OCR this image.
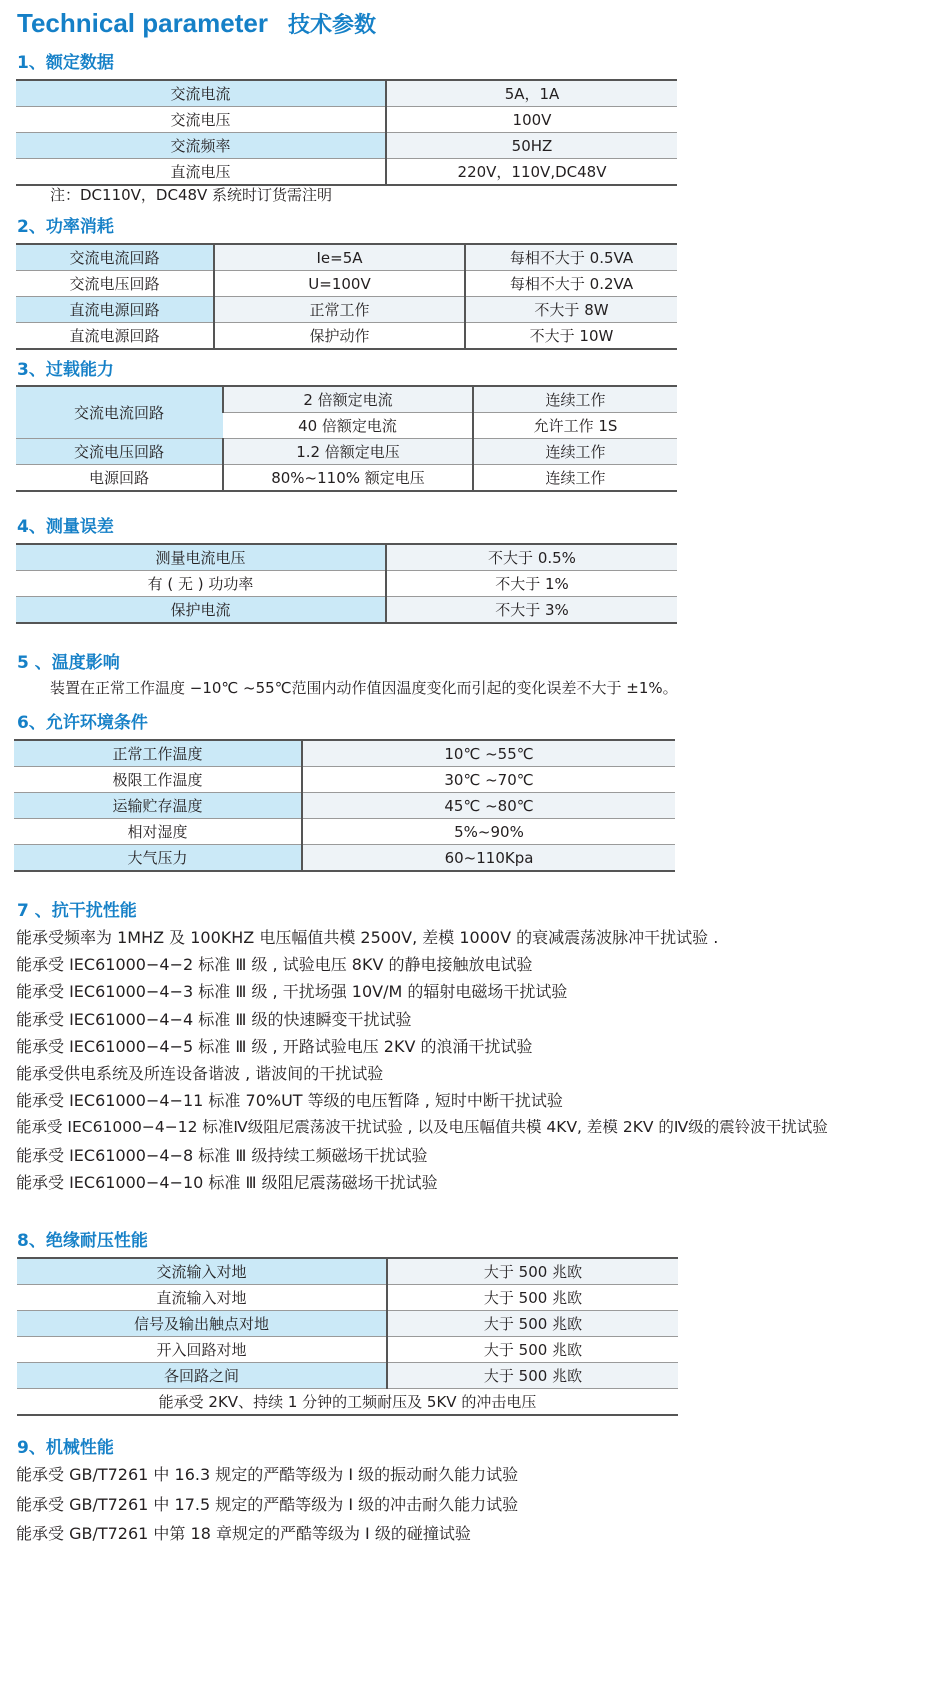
Technical parameter 技术参数
1、额定数据
交流电流	5A，1A
交流电压	100V
交流频率	50HZ
直流电压	220V，110V,DC48V
注：DC110V，DC48V 系统时订货需注明
2、功率消耗
交流电流回路	Ie=5A	每相不大于 0.5VA
交流电压回路	U=100V	每相不大于 0.2VA
直流电源回路	正常工作	不大于 8W
直流电源回路	保护动作	不大于 10W
3、过载能力
交流电流回路	2 倍额定电流	连续工作
	40 倍额定电流	允许工作 1S
交流电压回路	1.2 倍额定电压	连续工作
电源回路	80%~110% 额定电压	连续工作
4、测量误差
测量电流电压	不大于 0.5%
有 ( 无 ) 功功率	不大于 1%
保护电流	不大于 3%
5 、温度影响
装置在正常工作温度 −10℃ ~55℃范围内动作值因温度变化而引起的变化误差不大于 ±1%。
6、允许环境条件
正常工作温度	10℃ ~55℃
极限工作温度	30℃ ~70℃
运输贮存温度	45℃ ~80℃
相对湿度	5%~90%
大气压力	60~110Kpa
7 、抗干扰性能
能承受频率为 1MHZ 及 100KHZ 电压幅值共模 2500V, 差模 1000V 的衰减震荡波脉冲干扰试验 .
能承受 IEC61000−4−2 标准 Ⅲ 级 , 试验电压 8KV 的静电接触放电试验
能承受 IEC61000−4−3 标准 Ⅲ 级 , 干扰场强 10V/M 的辐射电磁场干扰试验
能承受 IEC61000−4−4 标准 Ⅲ 级的快速瞬变干扰试验
能承受 IEC61000−4−5 标准 Ⅲ 级 , 开路试验电压 2KV 的浪涌干扰试验
能承受供电系统及所连设备谐波 , 谐波间的干扰试验
能承受 IEC61000−4−11 标准 70%UT 等级的电压暂降 , 短时中断干扰试验
能承受 IEC61000−4−12 标准Ⅳ级阻尼震荡波干扰试验 , 以及电压幅值共模 4KV, 差模 2KV 的Ⅳ级的震铃波干扰试验
能承受 IEC61000−4−8 标准 Ⅲ 级持续工频磁场干扰试验
能承受 IEC61000−4−10 标准 Ⅲ 级阻尼震荡磁场干扰试验
8、绝缘耐压性能
交流输入对地	大于 500 兆欧
直流输入对地	大于 500 兆欧
信号及输出触点对地	大于 500 兆欧
开入回路对地	大于 500 兆欧
各回路之间	大于 500 兆欧
能承受 2KV、持续 1 分钟的工频耐压及 5KV 的冲击电压	
9、机械性能
能承受 GB/T7261 中 16.3 规定的严酷等级为 Ⅰ 级的振动耐久能力试验
能承受 GB/T7261 中 17.5 规定的严酷等级为 Ⅰ 级的冲击耐久能力试验
能承受 GB/T7261 中第 18 章规定的严酷等级为 Ⅰ 级的碰撞试验
